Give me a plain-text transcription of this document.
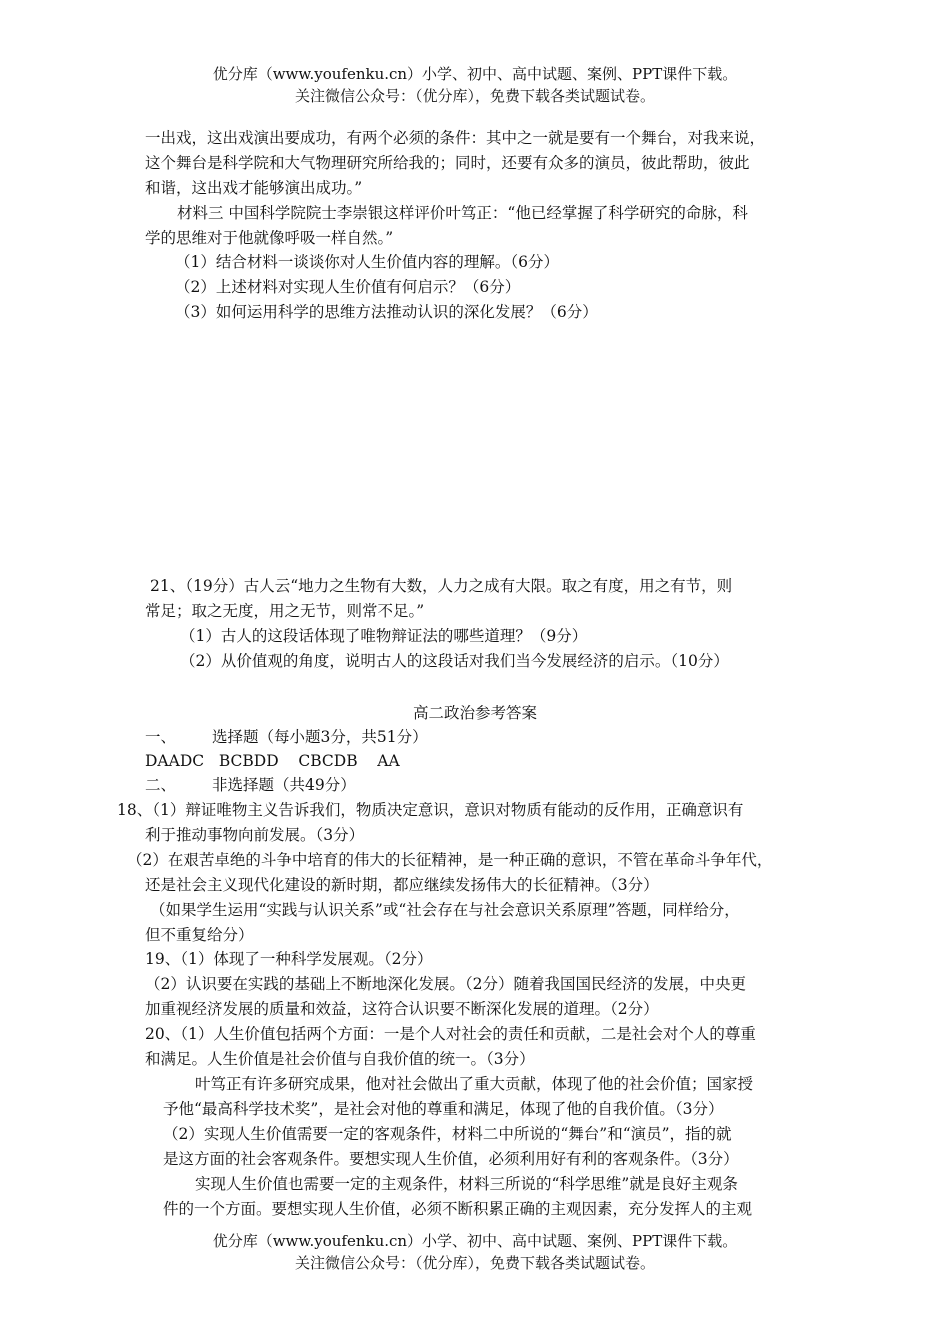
优分库（www.youfenku.cn）小学、初中、高中试题、案例、PPT课件下载。
关注微信公众号：（优分库），免费下载各类试题试卷。
一出戏，这出戏演出要成功，有两个必须的条件：其中之一就是要有一个舞台，对我来说，
这个舞台是科学院和大气物理研究所给我的；同时，还要有众多的演员，彼此帮助，彼此
和谐，这出戏才能够演出成功。”
材料三 中国科学院院士李崇银这样评价叶笃正：“他已经掌握了科学研究的命脉，科
学的思维对于他就像呼吸一样自然。”
（1）结合材料一谈谈你对人生价值内容的理解。（6分）
（2）上述材料对实现人生价值有何启示？（6分）
（3）如何运用科学的思维方法推动认识的深化发展？（6分）
21、（19分）古人云“地力之生物有大数，人力之成有大限。取之有度，用之有节，则
常足；取之无度，用之无节，则常不足。”
（1）古人的这段话体现了唯物辩证法的哪些道理？（9分）
（2）从价值观的角度，说明古人的这段话对我们当今发展经济的启示。（10分）
高二政治参考答案
一、 选择题（每小题3分，共51分）
DAADC   BCBDD    CBCDB    AA
二、 非选择题（共49分）
18、（1）辩证唯物主义告诉我们，物质决定意识，意识对物质有能动的反作用，正确意识有
利于推动事物向前发展。（3分）
（2）在艰苦卓绝的斗争中培育的伟大的长征精神，是一种正确的意识，不管在革命斗争年代，
还是社会主义现代化建设的新时期，都应继续发扬伟大的长征精神。（3分）
（如果学生运用“实践与认识关系”或“社会存在与社会意识关系原理”答题，同样给分，
但不重复给分）
19、（1）体现了一种科学发展观。（2分）
（2）认识要在实践的基础上不断地深化发展。（2分）随着我国国民经济的发展，中央更
加重视经济发展的质量和效益，这符合认识要不断深化发展的道理。（2分）
20、（1）人生价值包括两个方面：一是个人对社会的责任和贡献，二是社会对个人的尊重
和满足。人生价值是社会价值与自我价值的统一。（3分）
叶笃正有许多研究成果，他对社会做出了重大贡献，体现了他的社会价值；国家授
予他“最高科学技术奖”，是社会对他的尊重和满足，体现了他的自我价值。（3分）
（2）实现人生价值需要一定的客观条件，材料二中所说的“舞台”和“演员”，指的就
是这方面的社会客观条件。要想实现人生价值，必须利用好有利的客观条件。（3分）
实现人生价值也需要一定的主观条件，材料三所说的“科学思维”就是良好主观条
件的一个方面。要想实现人生价值，必须不断积累正确的主观因素，充分发挥人的主观
优分库（www.youfenku.cn）小学、初中、高中试题、案例、PPT课件下载。
关注微信公众号：（优分库），免费下载各类试题试卷。
